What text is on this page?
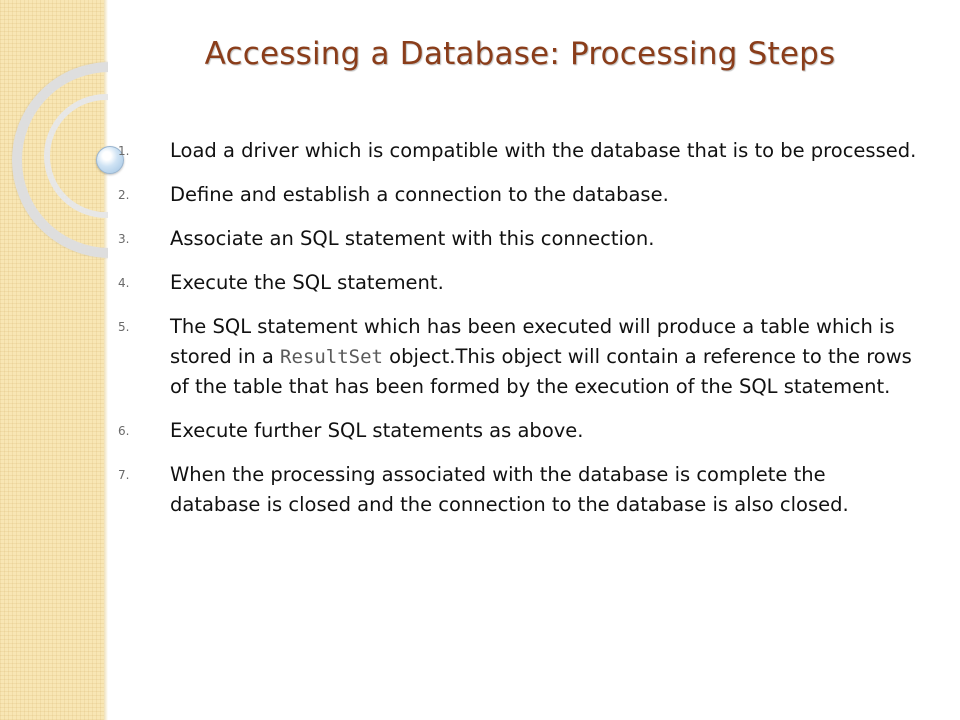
Accessing a Database: Processing Steps
1.	Load a driver which is compatible with the database that is to be processed.
2.	Define and establish a connection to the database.
3.	Associate an SQL statement with this connection.
4.	Execute the SQL statement.
5.	The SQL statement which has been executed will produce a table which is stored in a ResultSet object.This object will contain a reference to the rows of the table that has been formed by the execution of the SQL statement.
6.	Execute further SQL statements as above.
7.	When the processing associated with the database is complete the database is closed and the connection to the database is also closed.
